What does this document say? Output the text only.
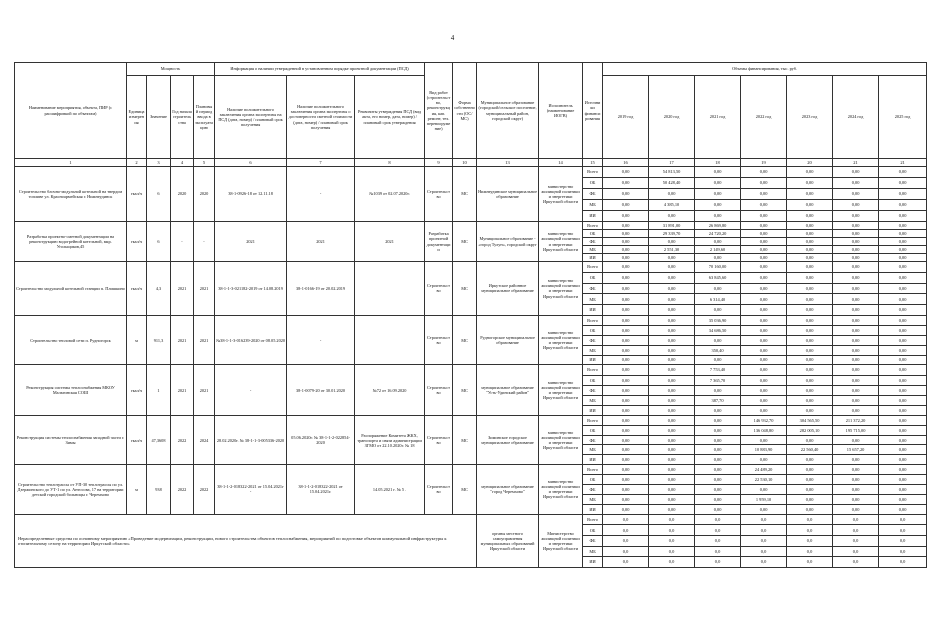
4
Наименование мероприятия, объекта, ПИР (с расшифровкой по объектам)	Мощность				Информация о наличии утвержденной в установленном порядке проектной документации (ПСД)			Вид работ (строительство, реконструкция, кап. ремонт, тех. перевооружение)	Форма собственности (ОС/МС)	Муниципальное образование (городской/сельское поселение, муниципальный район, городской округ)	Исполнитель (наименование ИОГВ)	Источники финансирования	Объемы финансирования, тыс. руб.						
	Единица измерения	Значение	Год начала строительства	Плановый период ввода в эксплуатацию	Наличие положительного заключения органа экспертизы на ПСД (дата, номер) / плановый срок получения	Наличие положительного заключения органа экспертизы о достоверности сметной стоимости (дата, номер) / плановый срок получения	Реквизиты утверждения ПСД (вид акта, его номер, дата, номер) / плановый срок утверждения						2019 год	2020 год	2021 год	2022 год	2023 год	2024 год	2025 год
1	2	3	4	5	6	7	8	9	10	13	14	15	16	17	18	19	20	21	21
Строительство блочно-модульной котельной на твердом топливе ул. Красноармейская г. Нижнеудинск	гкал/ч	6	2020	2020	38-1-0926-18 от 12.11.18	-	№1039 от 02.07.2020г.	Строительство	МС	Нижнеудинское муниципальное образование	министерство жилищной политики и энергетики Иркутской области	Всего	0,00	54 813,50	0,00	0,00	0,00	0,00	0,00
												ОБ	0,00	50 428,40	0,00	0,00	0,00	0,00	0,00
												ФБ	0,00	0,00	0,00	0,00	0,00	0,00	0,00
												МБ	0,00	4 385,10	0,00	0,00	0,00	0,00	0,00
												ИИ	0,00	0,00	0,00	0,00	0,00	0,00	0,00
Разработка проектно-сметной документации на реконструкцию водогрейной котельной, мкр. Угольщиков,45	гкал/ч	6	-	-	2021	2021	2021	Разработка проектной документации	МС	Муниципальное образование - «город Тулун», городской округ	министерство жилищной политики и энергетики Иркутской области	Всего	0,00	31 891,00	26 869,80	0,00	0,00	0,00	0,00
												ОБ	0,00	29 339,70	24 720,20	0,00	0,00	0,00	0,00
												ФБ	0,00	0,00	0,00	0,00	0,00	0,00	0,00
												МБ	0,00	2 551,30	2 149,60	0,00	0,00	0,00	0,00
												ИИ	0,00	0,00	0,00	0,00	0,00	0,00	0,00
Строительство модульной котельной станции п. Плишкино	гкал/ч	4,3	2021	2021	38-1-1-3-021182-2019 от 14.08.2019	38-1-0166-19 от 20.02.2019		Строительство	МС	Иркутское районное муниципальное образование	министерство жилищной политики и энергетики Иркутской области	Всего	0,00	0,00	70 160,00	0,00	0,00	0,00	0,00
												ОБ	0,00	0,00	63 845,60	0,00	0,00	0,00	0,00
												ФБ	0,00	0,00	0,00	0,00	0,00	0,00	0,00
												МБ	0,00	0,00	6 314,40	0,00	0,00	0,00	0,00
												ИИ	0,00	0,00	0,00	0,00	0,00	0,00	0,00
Строительство тепловой сети п. Рудногорск	м	911,3	2021	2021	№38-1-1-3-016239-2020 от 08.05.2020	-		Строительство	МС	Рудногорское муниципальное образование	министерство жилищной политики и энергетики Иркутской области	Всего	0,00	0,00	35 036,90	0,00	0,00	0,00	0,00
												ОБ	0,00	0,00	34 686,50	0,00	0,00	0,00	0,00
												ФБ	0,00	0,00	0,00	0,00	0,00	0,00	0,00
												МБ	0,00	0,00	350,40	0,00	0,00	0,00	0,00
												ИИ	0,00	0,00	0,00	0,00	0,00	0,00	0,00
Реконструкция системы теплоснабжения МКОУ Мальтинская СОШ	гкал/ч	1	2021	2021	-	38-1-0079-20 от 30.01.2020	№72 от 16.09.2020	Строительство	МС	муниципальное образование "Усть-Удинский район"	министерство жилищной политики и энергетики Иркутской области	Всего	0,00	0,00	7 753,40	0,00	0,00	0,00	0,00
												ОБ	0,00	0,00	7 365,70	0,00	0,00	0,00	0,00
												ФБ	0,00	0,00	0,00	0,00	0,00	0,00	0,00
												МБ	0,00	0,00	387,70	0,00	0,00	0,00	0,00
												ИИ	0,00	0,00	0,00	0,00	0,00	0,00	0,00
Реконструкция системы теплоснабжения западной части г. Зимы	гкал/ч	47,3608	2022	2024	28.02.2020г. № 38-1-1-3-005336-2020	05.06.2020г. № 38-1-1-2-022854-2020	Распоряжение Комитета ЖКХ, транспорта и связи администрации ЗГМО от 22.10.2020г. № 18	Строительство	МС	Зиминское городское муниципальное образование	министерство жилищной политики и энергетики Иркутской области	Всего	0,00	0,00	0,00	146 932,70	304 565,50	211 372,20	0,00
												ОБ	0,00	0,00	0,00	136 048,80	282 005,10	195 715,00	0,00
												ФБ	0,00	0,00	0,00	0,00	0,00	0,00	0,00
												МБ	0,00	0,00	0,00	10 883,90	22 560,40	15 657,20	0,00
												ИИ	0,00	0,00	0,00	0,00	0,00	0,00	0,00
Строительство теплотрассы от УП-30 теплотрассы по ул. Дзержинского до УТ-1 по ул. Антосова, 17 на территории детской городской больницы г. Черемхово	м	938	2022	2022	38-1-1-2-018322-2021 от 15.04.2021г -	38-1-1-2-018322-2021 от 15.04.2021г.	14.05.2021 г. № 5 .	Строительство	МС	муниципальное образование "город Черемхово"	министерство жилищной политики и энергетики Иркутской области	Всего	0,00	0,00	0,00	24 489,20	0,00	0,00	0,00
												ОБ	0,00	0,00	0,00	22 530,10	0,00	0,00	0,00
												ФБ	0,00	0,00	0,00	0,00	0,00	0,00	0,00
												МБ	0,00	0,00	0,00	1 959,10	0,00	0,00	0,00
												ИИ	0,00	0,00	0,00	0,00	0,00	0,00	0,00
Нераспределенные средства по основному мероприятию «Проведение модернизации, реконструкции, нового строительства объектов теплоснабжения, мероприятий по подготовке объектов коммунальной инфраструктуры к отопительному сезону на территории Иркутской области»										органы местного самоуправления муниципальных образований Иркутской области	Министерство жилищной политики и энергетики Иркутской области	Всего	0,0	0,0	0,0	0,0	0,0	0,0	0,0
												ОБ	0,0	0,0	0,0	0,0	0,0	0,0	0,0
												ФБ	0,0	0,0	0,0	0,0	0,0	0,0	0,0
												МБ	0,0	0,0	0,0	0,0	0,0	0,0	0,0
												ИИ	0,0	0,0	0,0	0,0	0,0	0,0	0,0
